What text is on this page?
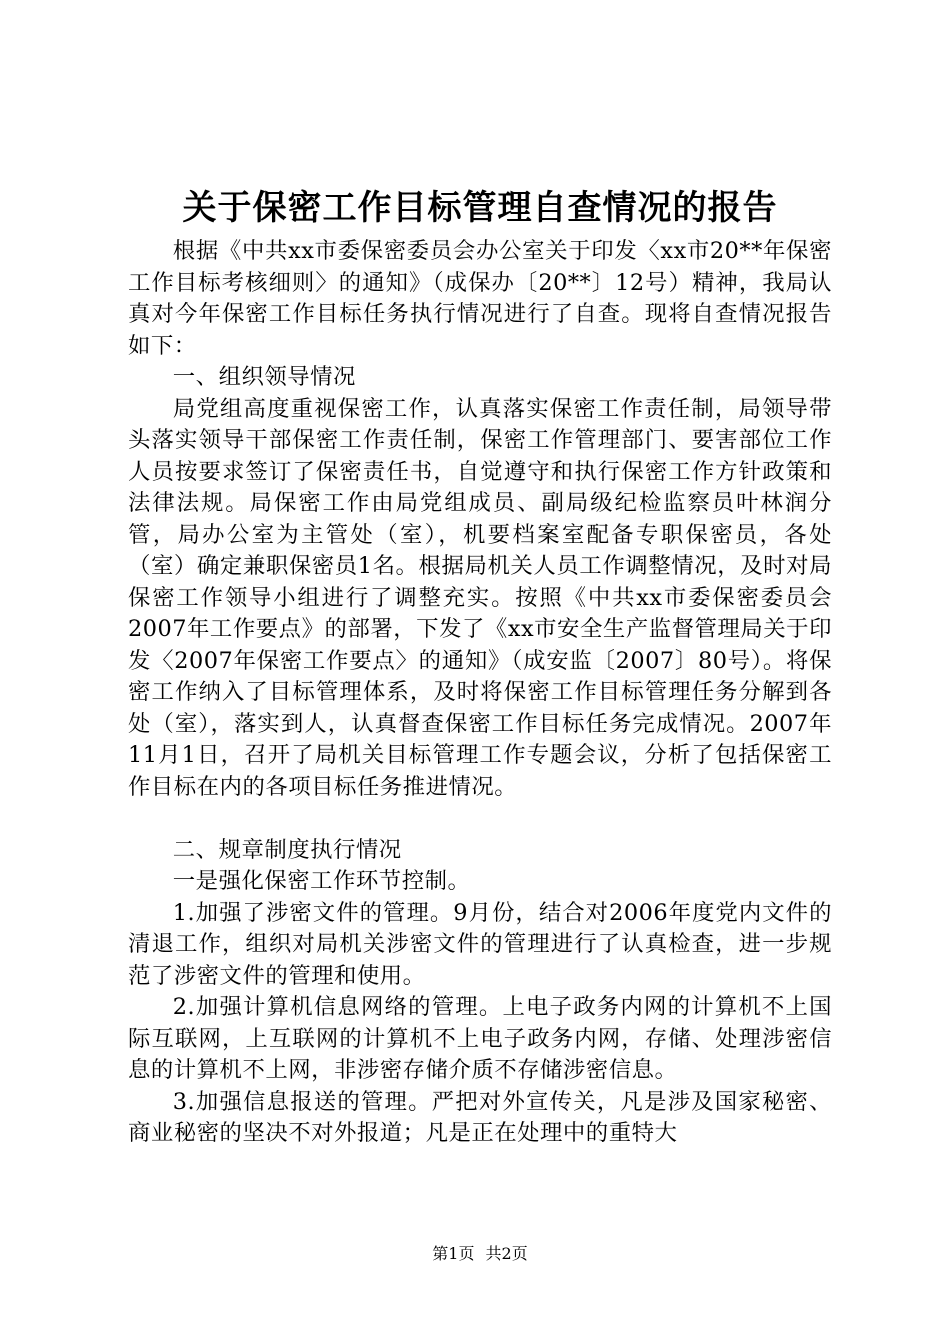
关于保密工作目标管理自查情况的报告

根据《中共xx市委保密委员会办公室关于印发〈xx市20**年保密工作目标考核细则〉的通知》（成保办〔20**〕12号）精神，我局认真对今年保密工作目标任务执行情况进行了自查。现将自查情况报告如下：

一、组织领导情况

局党组高度重视保密工作，认真落实保密工作责任制，局领导带头落实领导干部保密工作责任制，保密工作管理部门、要害部位工作人员按要求签订了保密责任书，自觉遵守和执行保密工作方针政策和法律法规。局保密工作由局党组成员、副局级纪检监察员叶林润分管，局办公室为主管处（室），机要档案室配备专职保密员，各处（室）确定兼职保密员1名。根据局机关人员工作调整情况，及时对局保密工作领导小组进行了调整充实。按照《中共xx市委保密委员会2007年工作要点》的部署，下发了《xx市安全生产监督管理局关于印发〈2007年保密工作要点〉的通知》（成安监〔2007〕80号）。将保密工作纳入了目标管理体系，及时将保密工作目标管理任务分解到各处（室），落实到人，认真督查保密工作目标任务完成情况。2007年11月1日，召开了局机关目标管理工作专题会议，分析了包括保密工作目标在内的各项目标任务推进情况。

二、规章制度执行情况

一是强化保密工作环节控制。

1.加强了涉密文件的管理。9月份，结合对2006年度党内文件的清退工作，组织对局机关涉密文件的管理进行了认真检查，进一步规范了涉密文件的管理和使用。

2.加强计算机信息网络的管理。上电子政务内网的计算机不上国际互联网，上互联网的计算机不上电子政务内网，存储、处理涉密信息的计算机不上网，非涉密存储介质不存储涉密信息。

3.加强信息报送的管理。严把对外宣传关，凡是涉及国家秘密、商业秘密的坚决不对外报道；凡是正在处理中的重特大

第1页 共2页
